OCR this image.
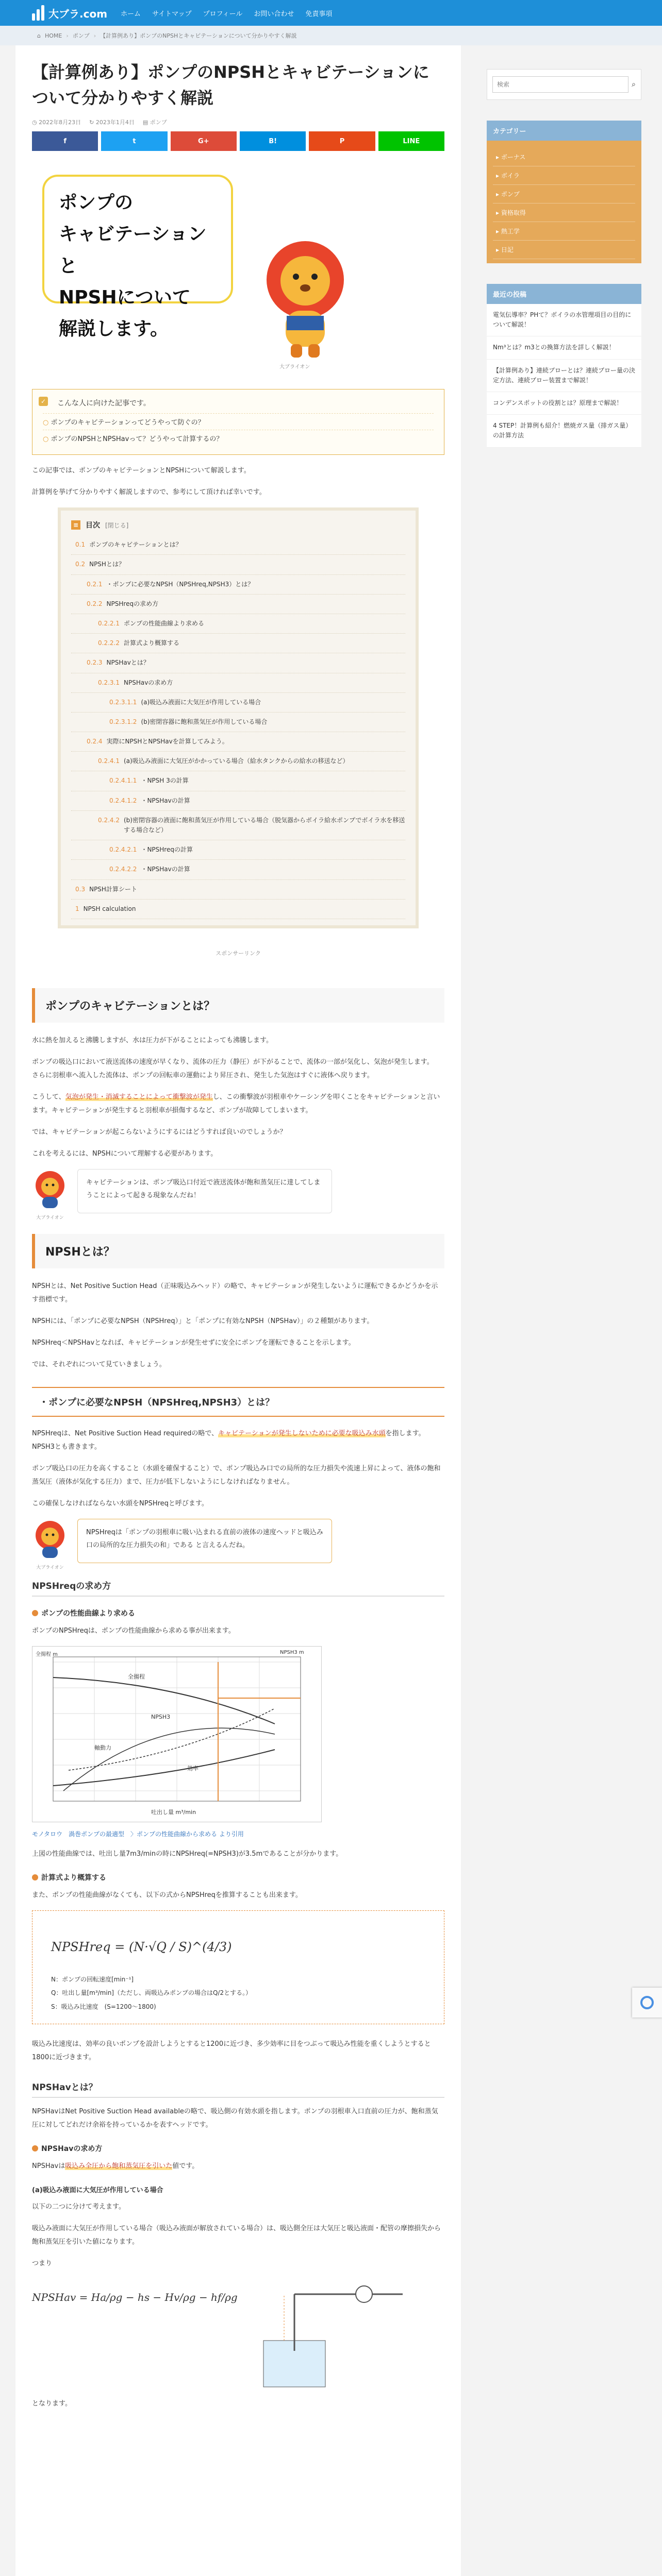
大ブラ.com ホーム サイトマップ プロフィール お問い合わせ 免責事項
⌂ HOME › ポンプ › 【計算例あり】ポンプのNPSHとキャビテーションについて分かりやすく解説
【計算例あり】ポンプのNPSHとキャビテーションについて分かりやすく解説
◷ 2022年8月23日 ↻ 2023年1月4日 ▤ ポンプ
f	t	G+	B!	P	LINE
ポンプの
キャビテーションと
NPSHについて
解説します。
大ブライオン
✓ こんな人に向けた記事です。
○ ポンプのキャビテーションってどうやって防ぐの？
○ ポンプのNPSHとNPSHavって？どうやって計算するの？

この記事では、ポンプのキャビテーションとNPSHについて解説します。

計算例を挙げて分かりやすく解説しますので、参考にして頂ければ幸いです。

≡ 目次 [閉じる]
0.1 ポンプのキャビテーションとは？
0.2 NPSHとは？
0.2.1 ・ポンプに必要なNPSH（NPSHreq,NPSH3）とは？
0.2.2 NPSHreqの求め方
0.2.2.1 ポンプの性能曲線より求める
0.2.2.2 計算式より概算する
0.2.3 NPSHavとは？
0.2.3.1 NPSHavの求め方
0.2.3.1.1 (a)吸込み液面に大気圧が作用している場合
0.2.3.1.2 (b)密閉容器に飽和蒸気圧が作用している場合
0.2.4 実際にNPSHとNPSHavを計算してみよう。
0.2.4.1 (a)吸込み液面に大気圧がかかっている場合（給水タンクからの給水の移送など）
0.2.4.1.1 ・NPSH 3の計算
0.2.4.1.2 ・NPSHavの計算
0.2.4.2 (b)密閉容器の液面に飽和蒸気圧が作用している場合（脱気器からボイラ給水ポンプでボイラ水を移送する場合など）
0.2.4.2.1 ・NPSHreqの計算
0.2.4.2.2 ・NPSHavの計算
0.3 NPSH計算シート
1 NPSH calculation
スポンサーリンク
ポンプのキャビテーションとは？

水に熱を加えると沸騰しますが、水は圧力が下がることによっても沸騰します。

ポンプの吸込口において液送流体の速度が早くなり、流体の圧力（静圧）が下がることで、流体の一部が気化し、気泡が発生します。
さらに羽根車へ流入した流体は、ポンプの回転車の運動により昇圧され、発生した気泡はすぐに液体へ戻ります。

こうして、気泡が発生・消滅することによって衝撃波が発生し、この衝撃波が羽根車やケーシングを叩くことをキャビテーションと言います。キャビテーションが発生すると羽根車が損傷するなど、ポンプが故障してしまいます。

では、キャビテーションが起こらないようにするにはどうすれば良いのでしょうか？

これを考えるには、NPSHについて理解する必要があります。

大ブライオン
キャビテーションは、ポンプ吸込口付近で液送流体が飽和蒸気圧に達してしまうことによって起きる現象なんだね！
NPSHとは？

NPSHとは、Net Positive Suction Head（正味吸込みヘッド）の略で、キャビテーションが発生しないように運転できるかどうかを示す指標です。

NPSHには、「ポンプに必要なNPSH（NPSHreq）」と「ポンプに有効なNPSH（NPSHav）」の２種類があります。

NPSHreq＜NPSHavとなれば、キャビテーションが発生せずに安全にポンプを運転できることを示します。

では、それぞれについて見ていきましょう。

・ポンプに必要なNPSH（NPSHreq,NPSH3）とは？

NPSHreqは、Net Positive Suction Head requiredの略で、キャビテーションが発生しないために必要な吸込み水頭を指します。NPSH3とも書きます。

ポンプ吸込口の圧力を高くすること（水頭を確保すること）で、ポンプ吸込み口での局所的な圧力損失や流速上昇によって、液体の飽和蒸気圧（液体が気化する圧力）まで、圧力が低下しないようにしなければなりません。

この確保しなければならない水頭をNPSHreqと呼びます。

大ブライオン
NPSHreqは「ポンプの羽根車に吸い込まれる直前の液体の速度ヘッドと吸込み口の局所的な圧力損失の和」である と言えるんだね。
NPSHreqの求め方
ポンプの性能曲線より求める

ポンプのNPSHreqは、ポンプの性能曲線から求める事が出来ます。

全揚程
NPSH3
軸動力
効率
吐出し量 m³/min
全揚程 m	NPSH3 m
モノタロウ　渦巻ポンプの最適型　〉ポンプの性能曲線から求める より引用

上図の性能曲線では、吐出し量7m3/minの時にNPSHreq(=NPSH3)が3.5mであることが分かります。

計算式より概算する

また、ポンプの性能曲線がなくても、以下の式からNPSHreqを推算することも出来ます。

NPSHreq = (N·√Q / S)^(4/3)
N：ポンプの回転速度[min⁻¹]
Q：吐出し量[m³/min]（ただし、両吸込みポンプの場合はQ/2とする。）
S：吸込み比速度　(S=1200～1800)

吸込み比速度は、効率の良いポンプを設計しようとすると1200に近づき、多少効率に目をつぶって吸込み性能を重くしようとすると1800に近づきます。

NPSHavとは？

NPSHavはNet Positive Suction Head availableの略で、吸込側の有効水頭を指します。ポンプの羽根車入口直前の圧力が、飽和蒸気圧に対してどれだけ余裕を持っているかを表すヘッドです。

NPSHavの求め方

NPSHavは吸込み全圧から飽和蒸気圧を引いた値です。

(a)吸込み液面に大気圧が作用している場合

以下の二つに分けて考えます。

吸込み液面に大気圧が作用している場合（吸込み液面が解放されている場合）は、吸込側全圧は大気圧と吸込液面・配管の摩擦損失から飽和蒸気圧を引いた値になります。

つまり

NPSHav = Ha/ρg − hs − Hv/ρg − hf/ρg

となります。

検索
⌕
カテゴリー
▸ ボーナス
▸ ボイラ
▸ ポンプ
▸ 資格取得
▸ 熱工学
▸ 日記
最近の投稿
電気伝導率？PHて？ボイラの水管理項目の目的について解説！
Nm³とは？m3との換算方法を詳しく解説！
【計算例あり】連続ブローとは？連続ブロー量の決定方法、連続ブロー装置まで解説！
コンデンスポットの役割とは？原理まで解説！
4 STEP！計算例も紹介！燃焼ガス量（排ガス量）の計算方法
